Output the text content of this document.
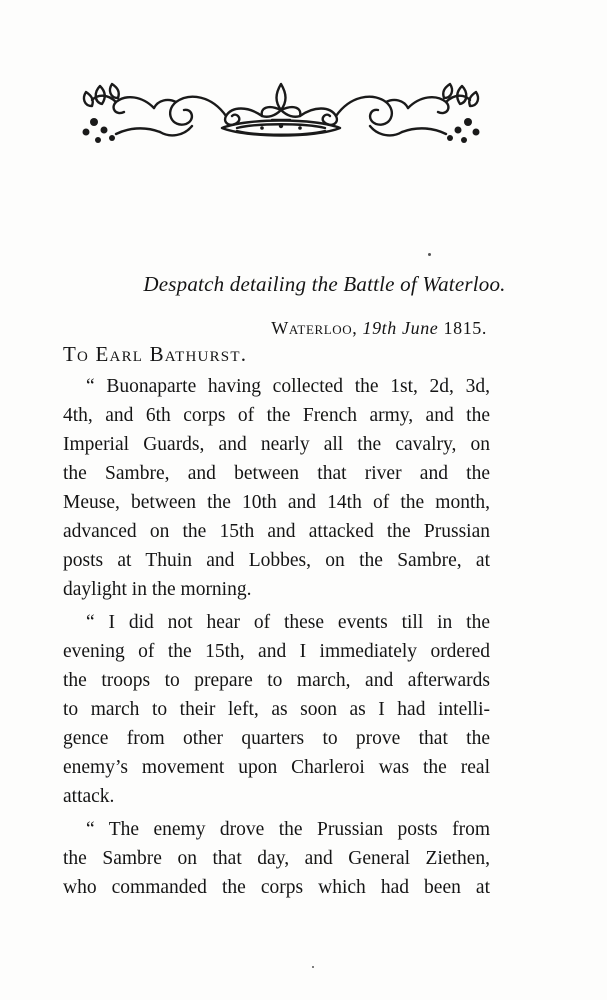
Despatch detailing the Battle of Waterloo.
Waterloo, 19th June 1815.
To Earl Bathurst.
“ Buonaparte having collected the 1st, 2d, 3d,
4th, and 6th corps of the French army, and the
Imperial Guards, and nearly all the cavalry, on
the Sambre, and between that river and the
Meuse, between the 10th and 14th of the month,
advanced on the 15th and attacked the Prussian
posts at Thuin and Lobbes, on the Sambre, at
daylight in the morning.
“ I did not hear of these events till in the
evening of the 15th, and I immediately ordered
the troops to prepare to march, and afterwards
to march to their left, as soon as I had intelli-
gence from other quarters to prove that the
enemy’s movement upon Charleroi was the real
attack.
“ The enemy drove the Prussian posts from
the Sambre on that day, and General Ziethen,
who commanded the corps which had been at
